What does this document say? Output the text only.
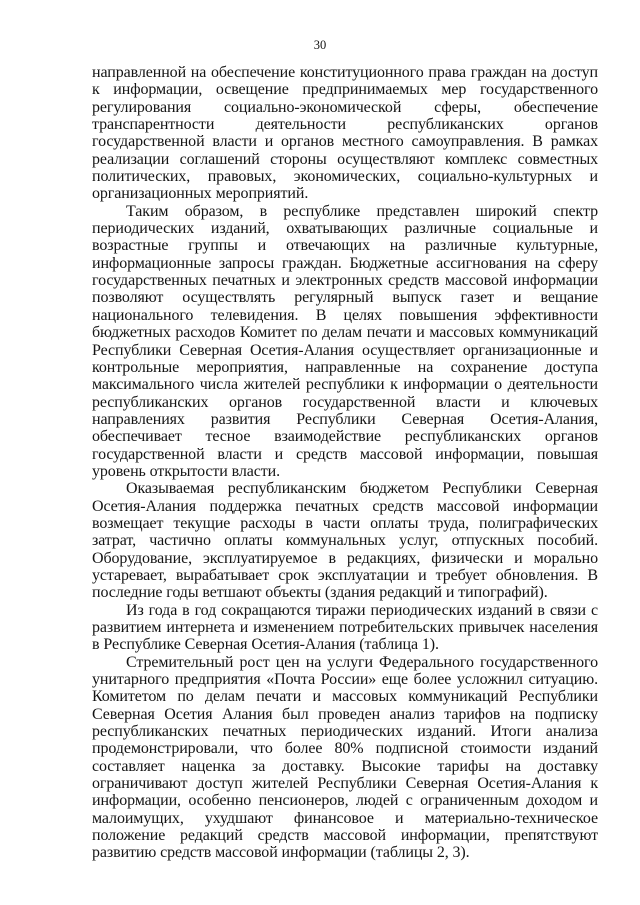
30

направленной на обеспечение конституционного права граждан на доступ к информации, освещение предпринимаемых мер государственного регулирования социально-экономической сферы, обеспечение транспарентности деятельности республиканских органов государственной власти и органов местного самоуправления. В рамках реализации соглашений стороны осуществляют комплекс совместных политических, правовых, экономических, социально-культурных и организационных мероприятий.

Таким образом, в республике представлен широкий спектр периодических изданий, охватывающих различные социальные и возрастные группы и отвечающих на различные культурные, информационные запросы граждан. Бюджетные ассигнования на сферу государственных печатных и электронных средств массовой информации позволяют осуществлять регулярный выпуск газет и вещание национального телевидения. В целях повышения эффективности бюджетных расходов Комитет по делам печати и массовых коммуникаций Республики Северная Осетия-Алания осуществляет организационные и контрольные мероприятия, направленные на сохранение доступа максимального числа жителей республики к информации о деятельности республиканских органов государственной власти и ключевых направлениях развития Республики Северная Осетия-Алания, обеспечивает тесное взаимодействие республиканских органов государственной власти и средств массовой информации, повышая уровень открытости власти.

Оказываемая республиканским бюджетом Республики Северная Осетия-Алания поддержка печатных средств массовой информации возмещает текущие расходы в части оплаты труда, полиграфических затрат, частично оплаты коммунальных услуг, отпускных пособий. Оборудование, эксплуатируемое в редакциях, физически и морально устаревает, вырабатывает срок эксплуатации и требует обновления. В последние годы ветшают объекты (здания редакций и типографий).

Из года в год сокращаются тиражи периодических изданий в связи с развитием интернета и изменением потребительских привычек населения в Республике Северная Осетия-Алания (таблица 1).

Стремительный рост цен на услуги Федерального государственного унитарного предприятия «Почта России» еще более усложнил ситуацию. Комитетом по делам печати и массовых коммуникаций Республики Северная Осетия Алания был проведен анализ тарифов на подписку республиканских печатных периодических изданий. Итоги анализа продемонстрировали, что более 80% подписной стоимости изданий составляет наценка за доставку. Высокие тарифы на доставку ограничивают доступ жителей Республики Северная Осетия-Алания к информации, особенно пенсионеров, людей с ограниченным доходом и малоимущих, ухудшают финансовое и материально-техническое положение редакций средств массовой информации, препятствуют развитию средств массовой информации (таблицы 2, 3).
